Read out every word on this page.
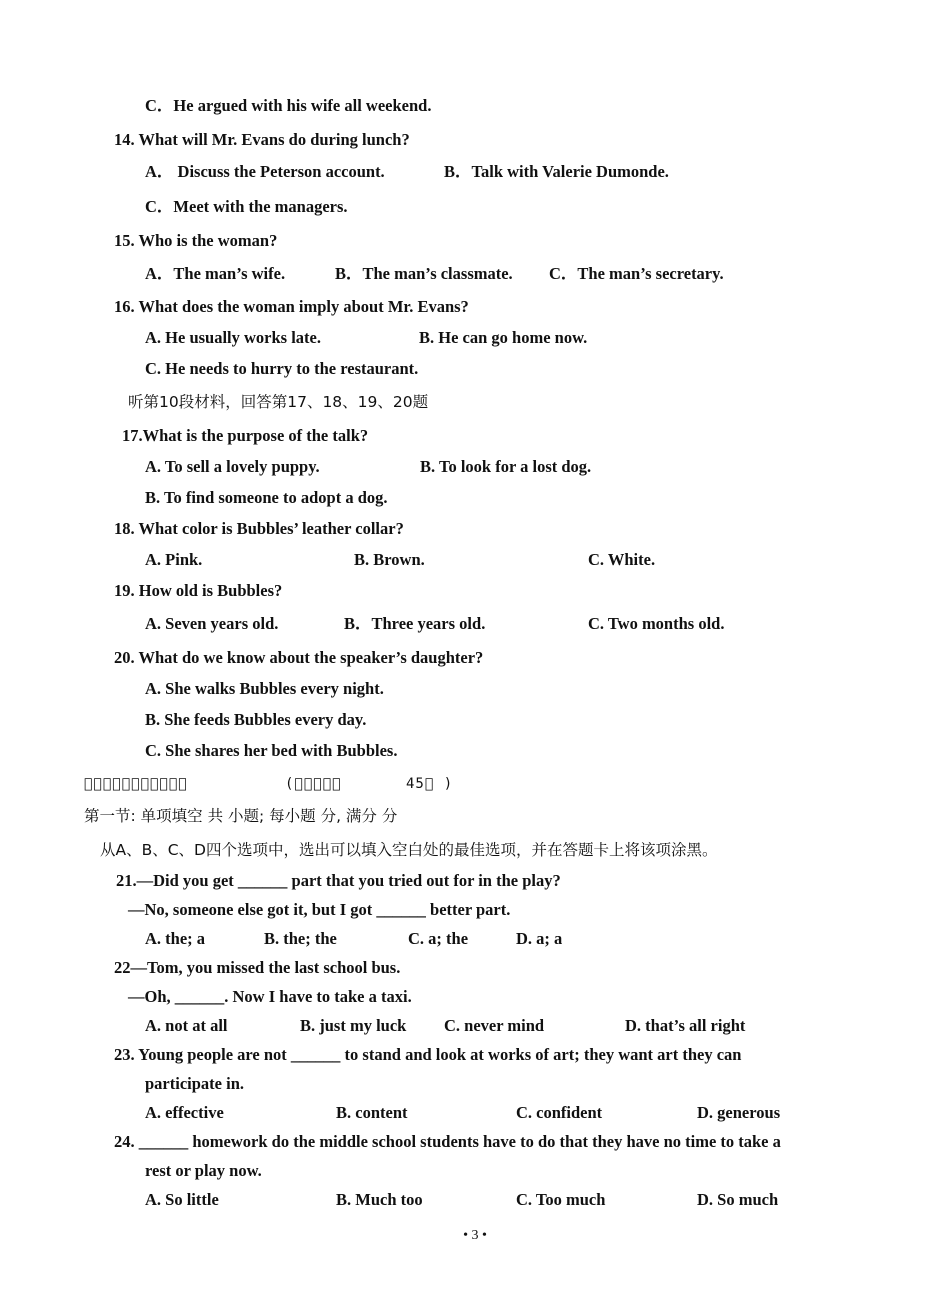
C．He argued with his wife all weekend.
14. What will Mr. Evans do during lunch?
A． Discuss the Peterson account.	B．Talk with Valerie Dumonde.
C．Meet with the managers.
15. Who is the woman?
A．The man’s wife.	B．The man’s classmate. C．The man’s secretary.
16. What does the woman imply about Mr. Evans?
A. He usually works late.	B. He can go home now.
C. He needs to hurry to the restaurant.
听第10段材料，回答第17、18、19、20题
17.What is the purpose of the talk?
A. To sell a lovely puppy.	B. To look for a lost dog.
B. To find someone to adopt a dog.
18. What color is Bubbles’ leather collar?
A. Pink.	B. Brown.	C. White.
19. How old is Bubbles?
A. Seven years old.	B．Three years old.	C. Two months old.
20. What do we know about the speaker’s daughter?
A. She walks Bubbles every night.
B. She feeds Bubbles every day.
C. She shares her bed with Bubbles.
￿￿￿￿￿￿￿￿￿￿￿	(￿￿￿￿￿	45￿ )
第一节: 单项填空 共 小题; 每小题 分, 满分 分
从A、B、C、D四个选项中，选出可以填入空白处的最佳选项，并在答题卡上将该项涂黑。
21.—Did you get ______ part that you tried out for in the play?
—No, someone else got it, but I got ______ better part.
A. the; a	B. the; the	C. a; the	D. a; a
22—Tom, you missed the last school bus.
—Oh, ______. Now I have to take a taxi.
A. not at all	B. just my luck C. never mind	D. that’s all right
23. Young people are not ______ to stand and look at works of art; they want art they can
participate in.
A. effective	B. content	C. confident	D. generous
24. ______ homework do the middle school students have to do that they have no time to take a
rest or play now.
A. So little	B. Much too	C. Too much	D. So much
• 3 •
